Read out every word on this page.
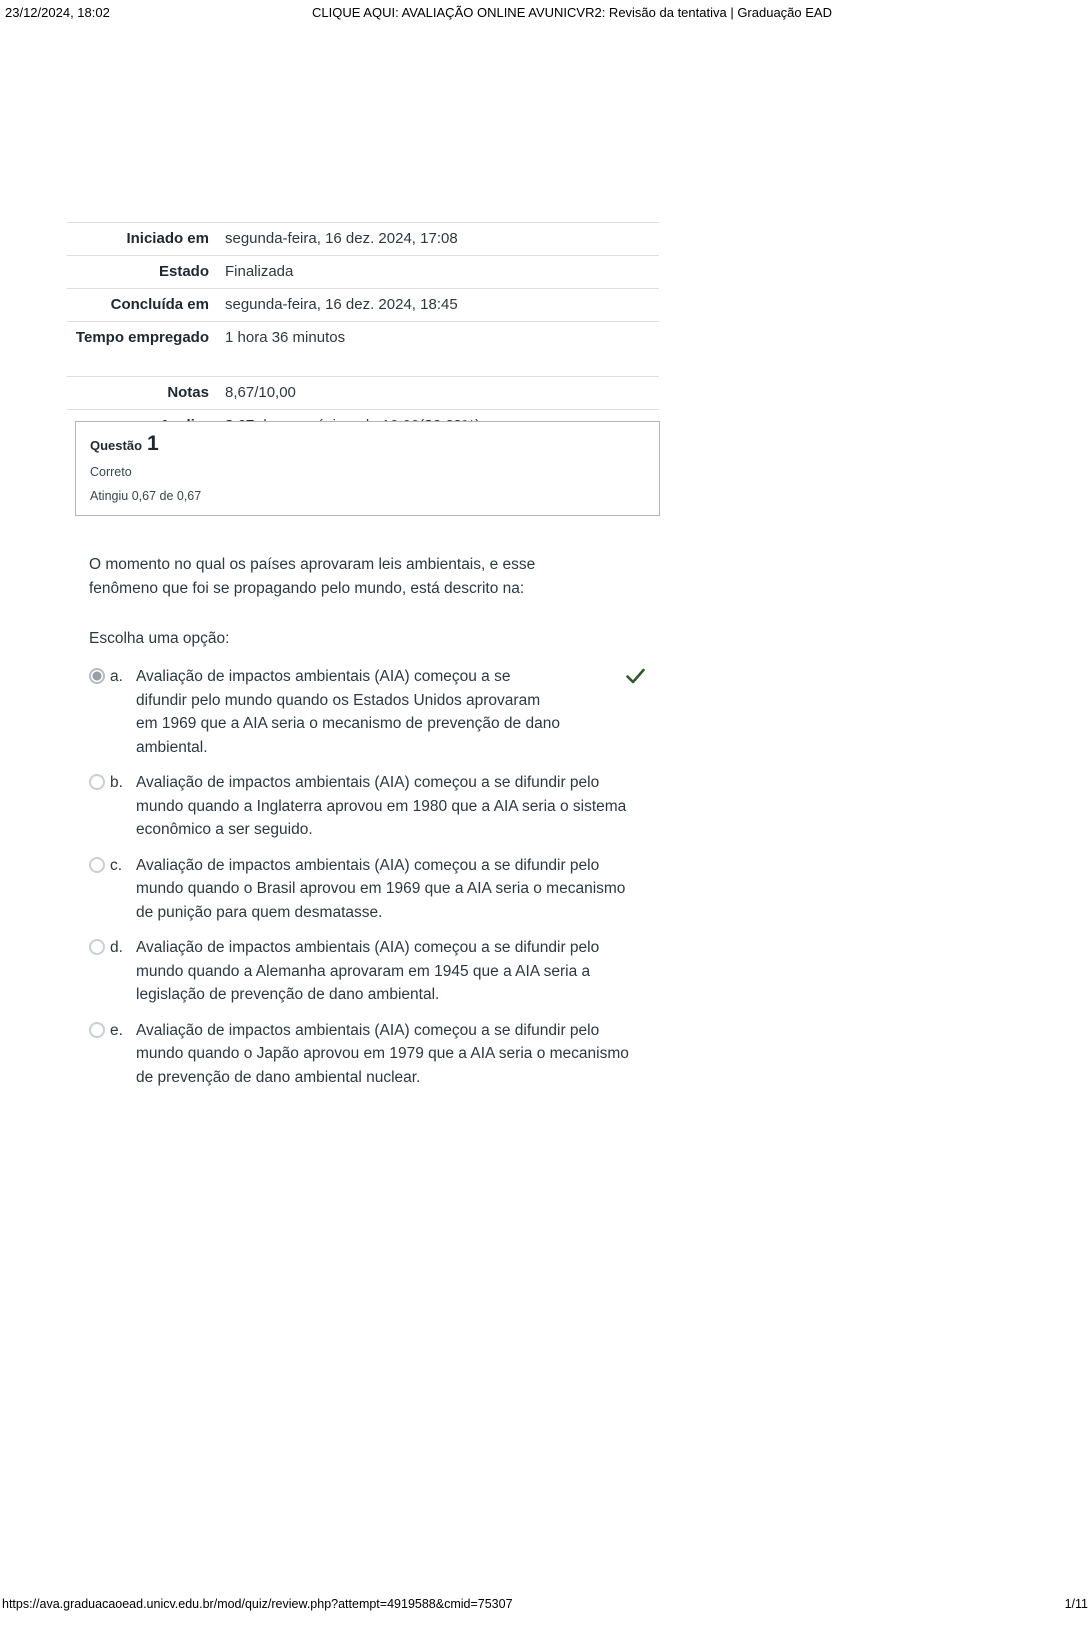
23/12/2024, 18:02	CLIQUE AQUI: AVALIAÇÃO ONLINE AVUNICVR2: Revisão da tentativa | Graduação EAD
Iniciado em	segunda-feira, 16 dez. 2024, 17:08
Estado	Finalizada
Concluída em	segunda-feira, 16 dez. 2024, 18:45
Tempo empregado	1 hora 36 minutos
Notas	8,67/10,00

Questão 1
Correto
Atingiu 0,67 de 0,67
O momento no qual os países aprovaram leis ambientais, e esse fenômeno que foi se propagando pelo mundo, está descrito na:
Escolha uma opção:
a. Avaliação de impactos ambientais (AIA) começou a se difundir pelo mundo quando os Estados Unidos aprovaram em 1969 que a AIA seria o mecanismo de prevenção de dano ambiental.
b. Avaliação de impactos ambientais (AIA) começou a se difundir pelo mundo quando a Inglaterra aprovou em 1980 que a AIA seria o sistema econômico a ser seguido.
c. Avaliação de impactos ambientais (AIA) começou a se difundir pelo mundo quando o Brasil aprovou em 1969 que a AIA seria o mecanismo de punição para quem desmatasse.
d. Avaliação de impactos ambientais (AIA) começou a se difundir pelo mundo quando a Alemanha aprovaram em 1945 que a AIA seria a legislação de prevenção de dano ambiental.
e. Avaliação de impactos ambientais (AIA) começou a se difundir pelo mundo quando o Japão aprovou em 1979 que a AIA seria o mecanismo de prevenção de dano ambiental nuclear.
https://ava.graduacaoead.unicv.edu.br/mod/quiz/review.php?attempt=4919588&cmid=75307	1/11
